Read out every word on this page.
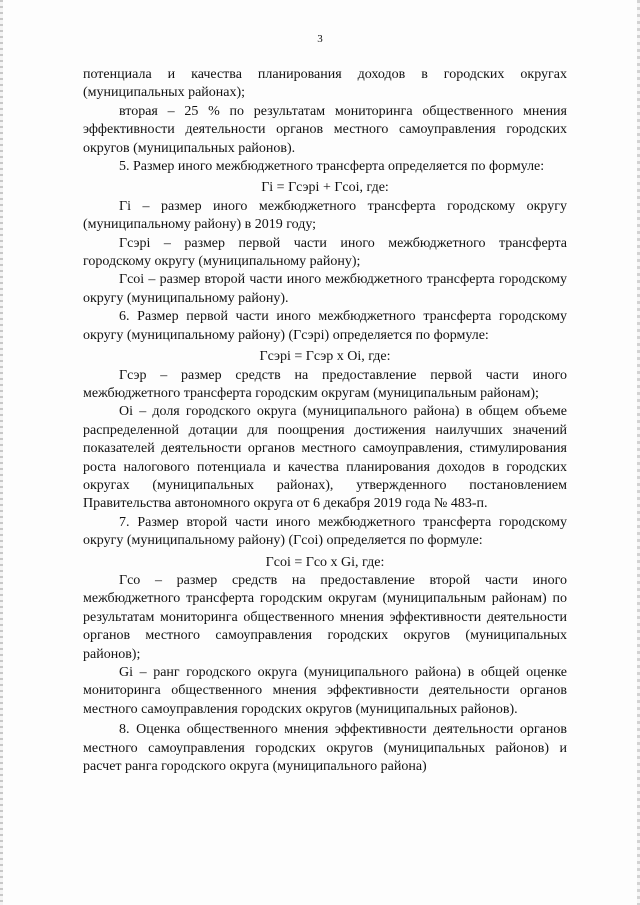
3

потенциала и качества планирования доходов в городских округах (муниципальных районах);

вторая – 25 % по результатам мониторинга общественного мнения эффективности деятельности органов местного самоуправления городских округов (муниципальных районов).

5. Размер иного межбюджетного трансферта определяется по формуле:

Гi = Гсэрi + Гсоi, где:

Гi – размер иного межбюджетного трансферта городскому округу (муниципальному району) в 2019 году;

Гсэрi – размер первой части иного межбюджетного трансферта городскому округу (муниципальному району);

Гсоi – размер второй части иного межбюджетного трансферта городскому округу (муниципальному району).

6. Размер первой части иного межбюджетного трансферта городскому округу (муниципальному району) (Гсэрi) определяется по формуле:

Гсэрi = Гсэр x Оi, где:

Гсэр – размер средств на предоставление первой части иного межбюджетного трансферта городским округам (муниципальным районам);

Оi – доля городского округа (муниципального района) в общем объеме распределенной дотации для поощрения достижения наилучших значений показателей деятельности органов местного самоуправления, стимулирования роста налогового потенциала и качества планирования доходов в городских округах (муниципальных районах), утвержденного постановлением Правительства автономного округа от 6 декабря 2019 года № 483-п.

7. Размер второй части иного межбюджетного трансферта городскому округу (муниципальному району) (Гсоi) определяется по формуле:

Гсоi = Гсо x Gi, где:

Гсо – размер средств на предоставление второй части иного межбюджетного трансферта городским округам (муниципальным районам) по результатам мониторинга общественного мнения эффективности деятельности органов местного самоуправления городских округов (муниципальных районов);

Gi – ранг городского округа (муниципального района) в общей оценке мониторинга общественного мнения эффективности деятельности органов местного самоуправления городских округов (муниципальных районов).

8. Оценка общественного мнения эффективности деятельности органов местного самоуправления городских округов (муниципальных районов) и расчет ранга городского округа (муниципального района)
